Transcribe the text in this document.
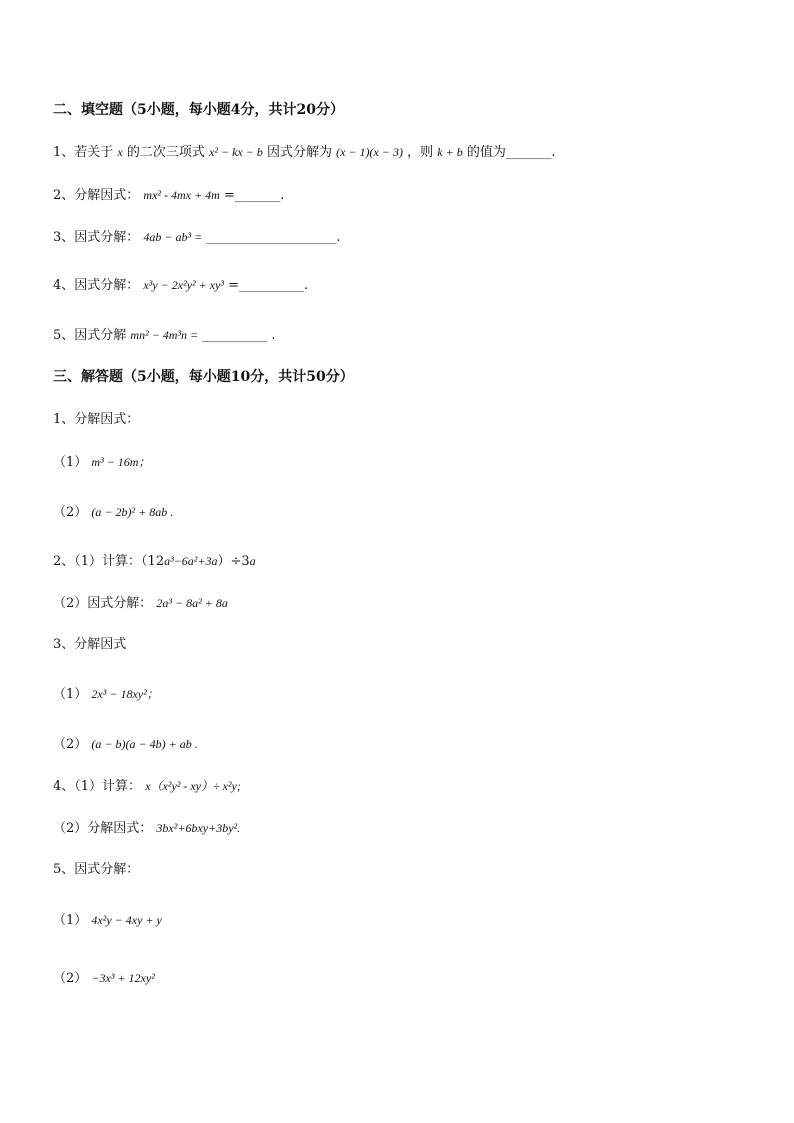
二、填空题（5小题，每小题4分，共计20分）
1、若关于 x 的二次三项式 x² − kx − b 因式分解为 (x − 1)(x − 3) ，则 k + b 的值为_______.
2、分解因式： mx² - 4mx + 4m =_______.
3、因式分解： 4ab − ab³ = ____________________.
4、因式分解： x³y − 2x²y² + xy³ =__________.
5、因式分解 mn² − 4m³n = __________ .
三、解答题（5小题，每小题10分，共计50分）
1、分解因式：
（1） m³ − 16m；
（2） (a − 2b)² + 8ab .
2、（1）计算：（12a³−6a²+3a）÷3a
（2）因式分解： 2a³ − 8a² + 8a
3、分解因式
（1） 2x³ − 18xy²；
（2） (a − b)(a − 4b) + ab .
4、（1）计算： x（x²y² - xy）÷ x²y;
（2）分解因式： 3bx²+6bxy+3by².
5、因式分解：
（1） 4x²y − 4xy + y
（2） −3x³ + 12xy²
